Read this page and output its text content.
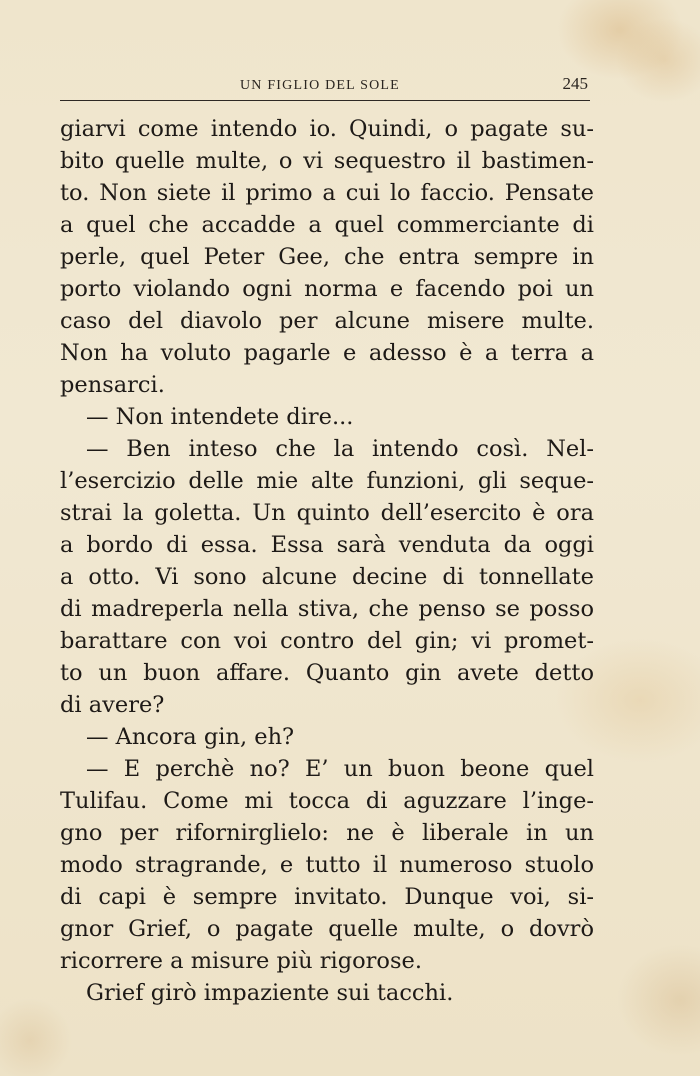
UN FIGLIO DEL SOLE	245
giarvi come intendo io. Quindi, o pagate su-
bito quelle multe, o vi sequestro il bastimen-
to. Non siete il primo a cui lo faccio. Pensate
a quel che accadde a quel commerciante di
perle, quel Peter Gee, che entra sempre in
porto violando ogni norma e facendo poi un
caso del diavolo per alcune misere multe.
Non ha voluto pagarle e adesso è a terra a
pensarci.
— Non intendete dire...
— Ben inteso che la intendo così. Nel-
l’esercizio delle mie alte funzioni, gli seque-
strai la goletta. Un quinto dell’esercito è ora
a bordo di essa. Essa sarà venduta da oggi
a otto. Vi sono alcune decine di tonnellate
di madreperla nella stiva, che penso se posso
barattare con voi contro del gin; vi promet-
to un buon affare. Quanto gin avete detto
di avere?
— Ancora gin, eh?
— E perchè no? E’ un buon beone quel
Tulifau. Come mi tocca di aguzzare l’inge-
gno per rifornirglielo: ne è liberale in un
modo stragrande, e tutto il numeroso stuolo
di capi è sempre invitato. Dunque voi, si-
gnor Grief, o pagate quelle multe, o dovrò
ricorrere a misure più rigorose.
Grief girò impaziente sui tacchi.
